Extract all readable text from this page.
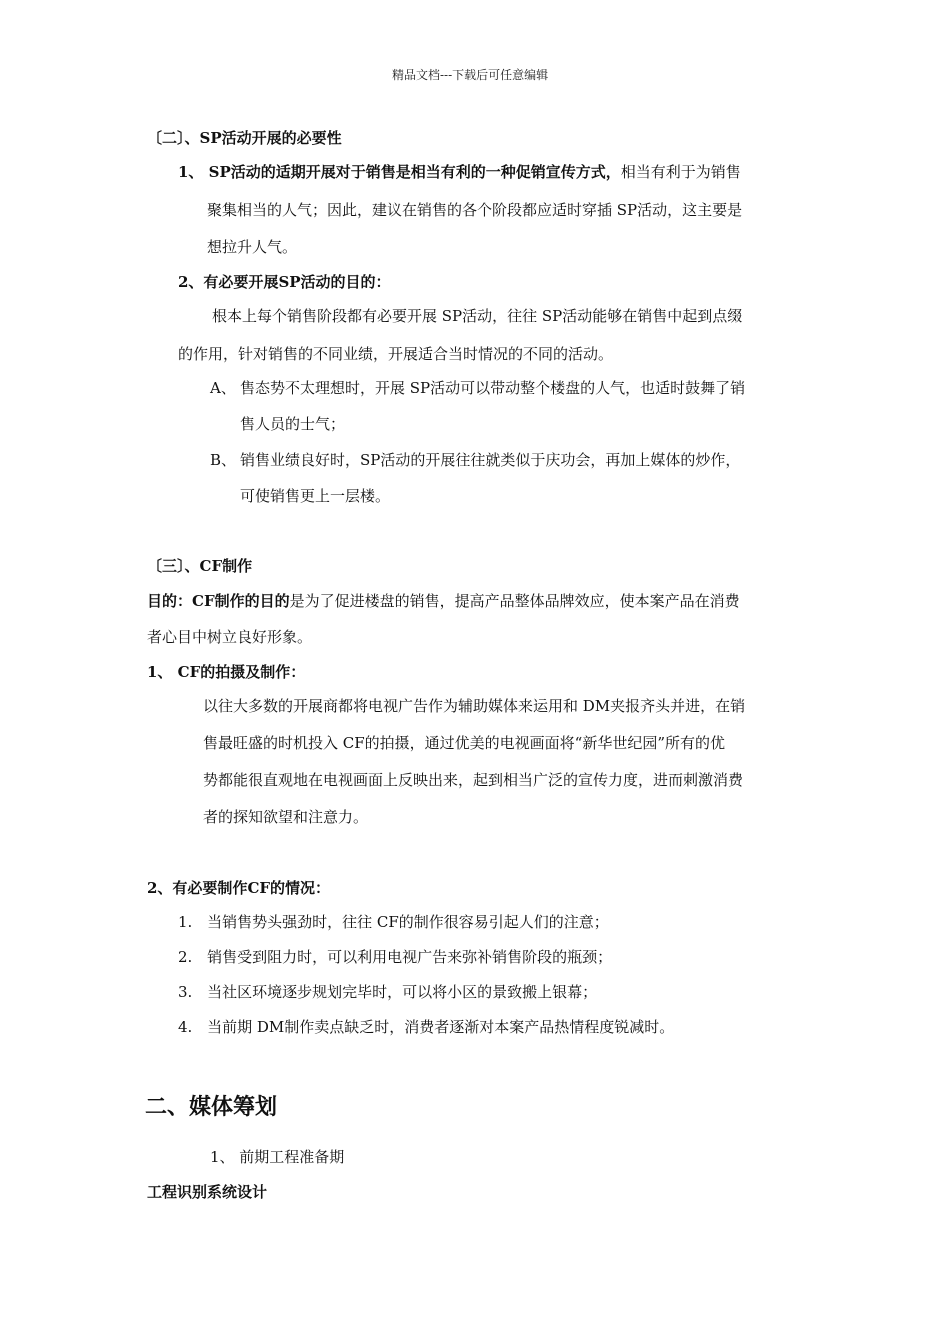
精品文档---下载后可任意编辑
〔二〕、SP活动开展的必要性
1、 SP活动的适期开展对于销售是相当有利的一种促销宣传方式，相当有利于为销售
聚集相当的人气；因此，建议在销售的各个阶段都应适时穿插 SP活动，这主要是
想拉升人气。
2、有必要开展SP活动的目的：
根本上每个销售阶段都有必要开展 SP活动，往往 SP活动能够在销售中起到点缀
的作用，针对销售的不同业绩，开展适合当时情况的不同的活动。
A、 售态势不太理想时，开展 SP活动可以带动整个楼盘的人气，也适时鼓舞了销
售人员的士气；
B、 销售业绩良好时，SP活动的开展往往就类似于庆功会，再加上媒体的炒作，
可使销售更上一层楼。
〔三〕、CF制作
目的：CF制作的目的是为了促进楼盘的销售，提高产品整体品牌效应，使本案产品在消费
者心目中树立良好形象。
1、 CF的拍摄及制作：
以往大多数的开展商都将电视广告作为辅助媒体来运用和 DM夹报齐头并进，在销
售最旺盛的时机投入 CF的拍摄，通过优美的电视画面将“新华世纪园”所有的优
势都能很直观地在电视画面上反映出来，起到相当广泛的宣传力度，进而刺激消费
者的探知欲望和注意力。
2、有必要制作CF的情况：
1. 当销售势头强劲时，往往 CF的制作很容易引起人们的注意；
2. 销售受到阻力时，可以利用电视广告来弥补销售阶段的瓶颈；
3. 当社区环境逐步规划完毕时，可以将小区的景致搬上银幕；
4. 当前期 DM制作卖点缺乏时，消费者逐渐对本案产品热情程度锐减时。
二、媒体筹划
1、 前期工程准备期
工程识别系统设计
